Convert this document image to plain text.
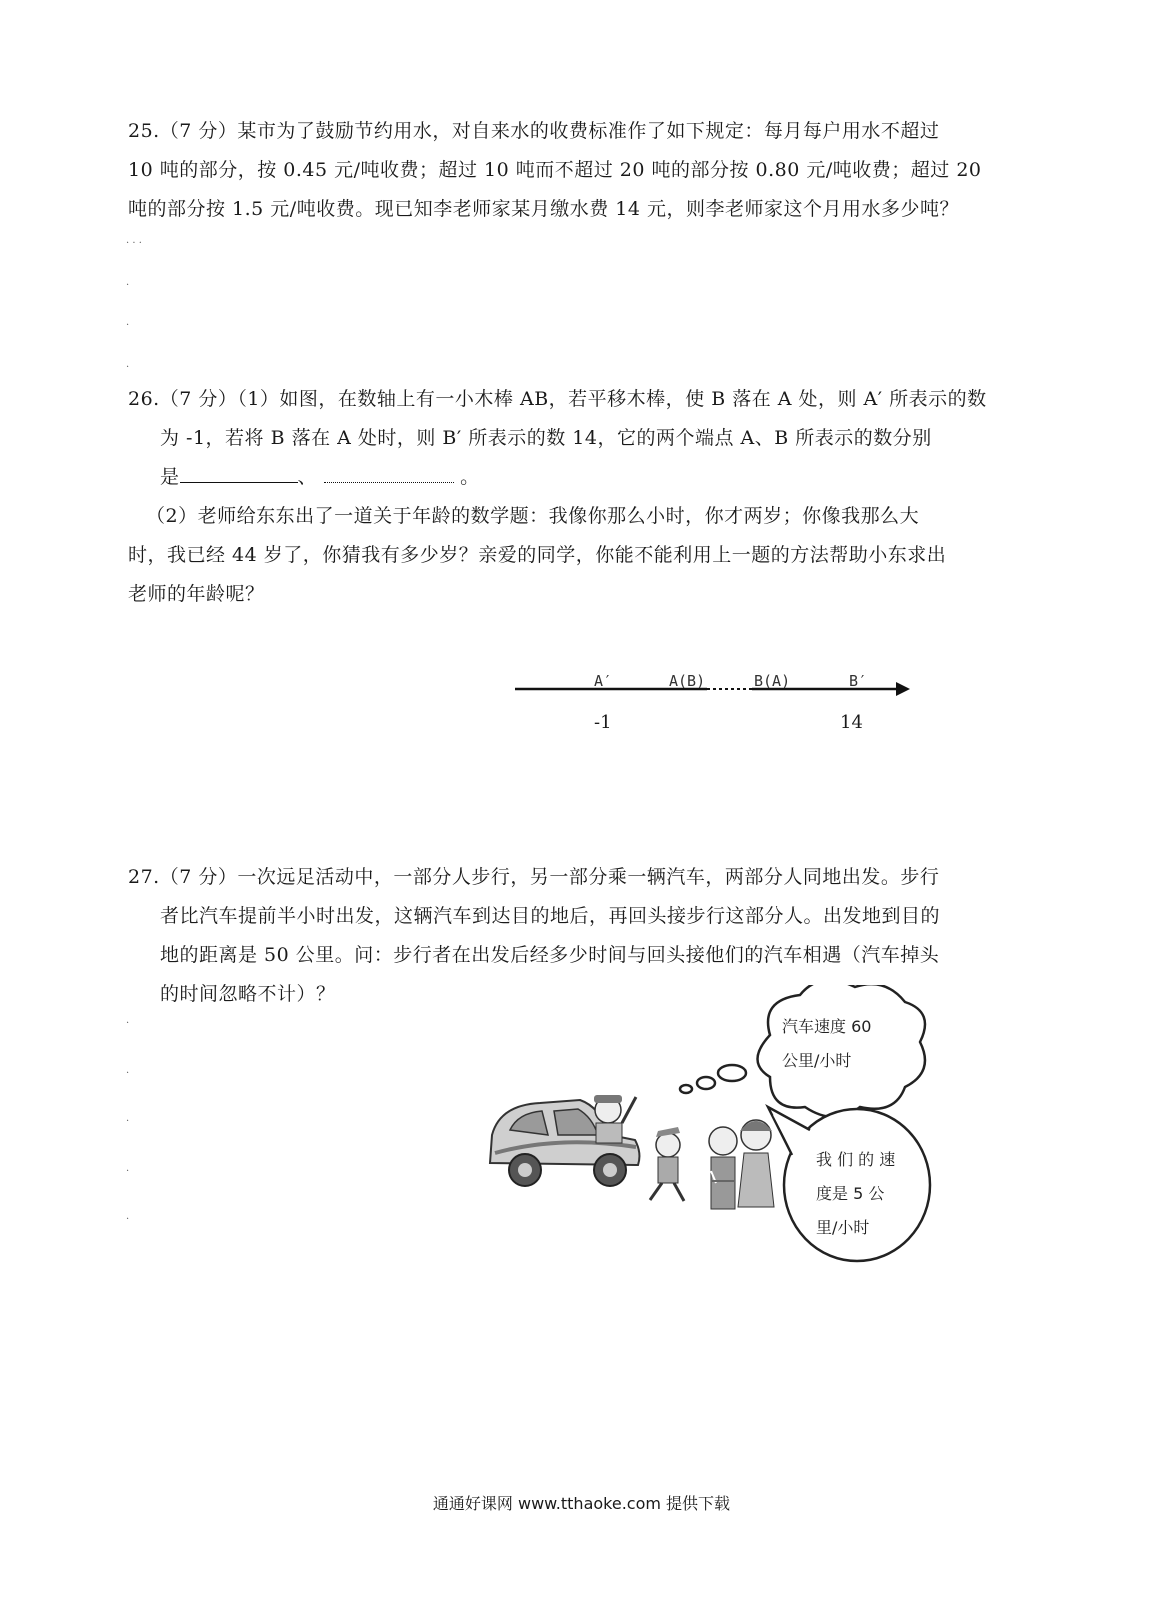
25.（7 分）某市为了鼓励节约用水，对自来水的收费标准作了如下规定：每月每户用水不超过
10 吨的部分，按 0.45 元/吨收费；超过 10 吨而不超过 20 吨的部分按 0.80 元/吨收费；超过 20
吨的部分按 1.5 元/吨收费。现已知李老师家某月缴水费 14 元，则李老师家这个月用水多少吨？
· · ·
·
·
·
26.（7 分）（1）如图，在数轴上有一小木棒 AB，若平移木棒，使 B 落在 A 处，则 A′ 所表示的数
为 -1，若将 B 落在 A 处时，则 B′ 所表示的数 14，它的两个端点 A、B 所表示的数分别
是	、	。
（2）老师给东东出了一道关于年龄的数学题：我像你那么小时，你才两岁；你像我那么大
时，我已经 44 岁了，你猜我有多少岁？亲爱的同学，你能不能利用上一题的方法帮助小东求出
老师的年龄呢？
A′	A(B)	B(A)	B′
-1	14
27.（7 分）一次远足活动中，一部分人步行，另一部分乘一辆汽车，两部分人同地出发。步行
者比汽车提前半小时出发，这辆汽车到达目的地后，再回头接步行这部分人。出发地到目的
地的距离是 50 公里。问：步行者在出发后经多少时间与回头接他们的汽车相遇（汽车掉头
的时间忽略不计）？
·
·
·
·
·
汽车速度 60
公里/小时
我 们 的 速
度是 5 公
里/小时
通通好课网 www.tthaoke.com 提供下载
